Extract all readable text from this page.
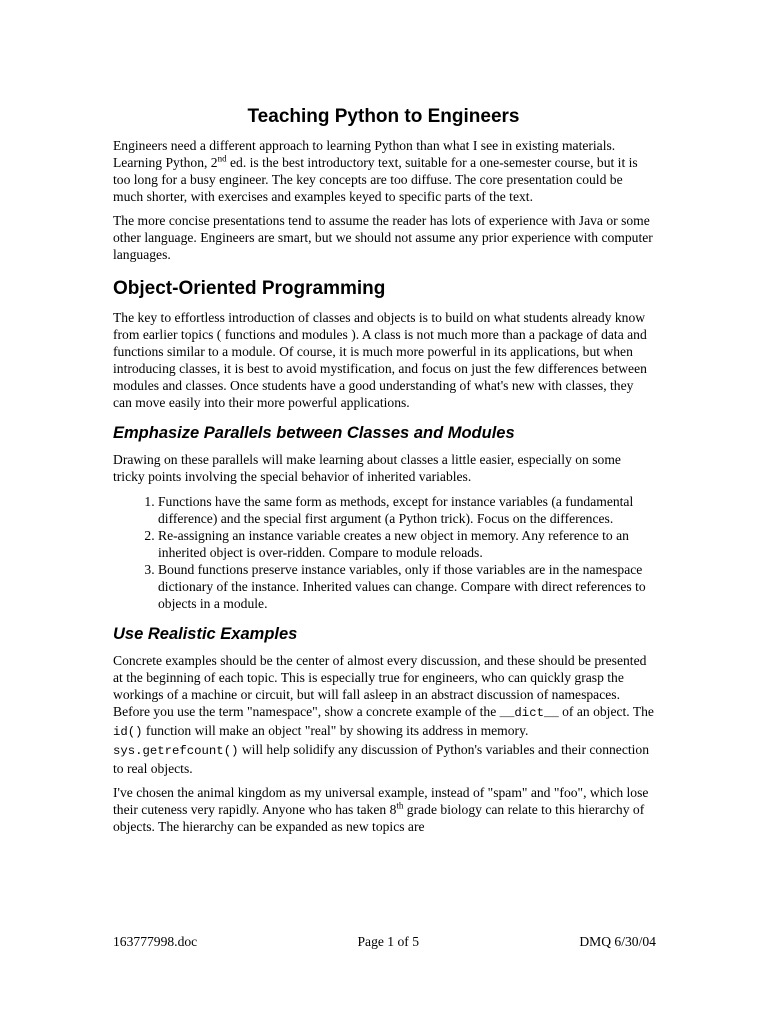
Teaching Python to Engineers

Engineers need a different approach to learning Python than what I see in existing materials. Learning Python, 2nd ed. is the best introductory text, suitable for a one-semester course, but it is too long for a busy engineer. The key concepts are too diffuse. The core presentation could be much shorter, with exercises and examples keyed to specific parts of the text.

The more concise presentations tend to assume the reader has lots of experience with Java or some other language. Engineers are smart, but we should not assume any prior experience with computer languages.

Object-Oriented Programming

The key to effortless introduction of classes and objects is to build on what students already know from earlier topics ( functions and modules ). A class is not much more than a package of data and functions similar to a module. Of course, it is much more powerful in its applications, but when introducing classes, it is best to avoid mystification, and focus on just the few differences between modules and classes. Once students have a good understanding of what's new with classes, they can move easily into their more powerful applications.

Emphasize Parallels between Classes and Modules

Drawing on these parallels will make learning about classes a little easier, especially on some tricky points involving the special behavior of inherited variables.

1. Functions have the same form as methods, except for instance variables (a fundamental difference) and the special first argument (a Python trick). Focus on the differences.
2. Re-assigning an instance variable creates a new object in memory. Any reference to an inherited object is over-ridden. Compare to module reloads.
3. Bound functions preserve instance variables, only if those variables are in the namespace dictionary of the instance. Inherited values can change. Compare with direct references to objects in a module.
Use Realistic Examples

Concrete examples should be the center of almost every discussion, and these should be presented at the beginning of each topic. This is especially true for engineers, who can quickly grasp the workings of a machine or circuit, but will fall asleep in an abstract discussion of namespaces. Before you use the term "namespace", show a concrete example of the __dict__ of an object. The id() function will make an object "real" by showing its address in memory. sys.getrefcount() will help solidify any discussion of Python's variables and their connection to real objects.

I've chosen the animal kingdom as my universal example, instead of "spam" and "foo", which lose their cuteness very rapidly. Anyone who has taken 8th grade biology can relate to this hierarchy of objects. The hierarchy can be expanded as new topics are

163777998.doc	Page 1 of 5	DMQ 6/30/04
